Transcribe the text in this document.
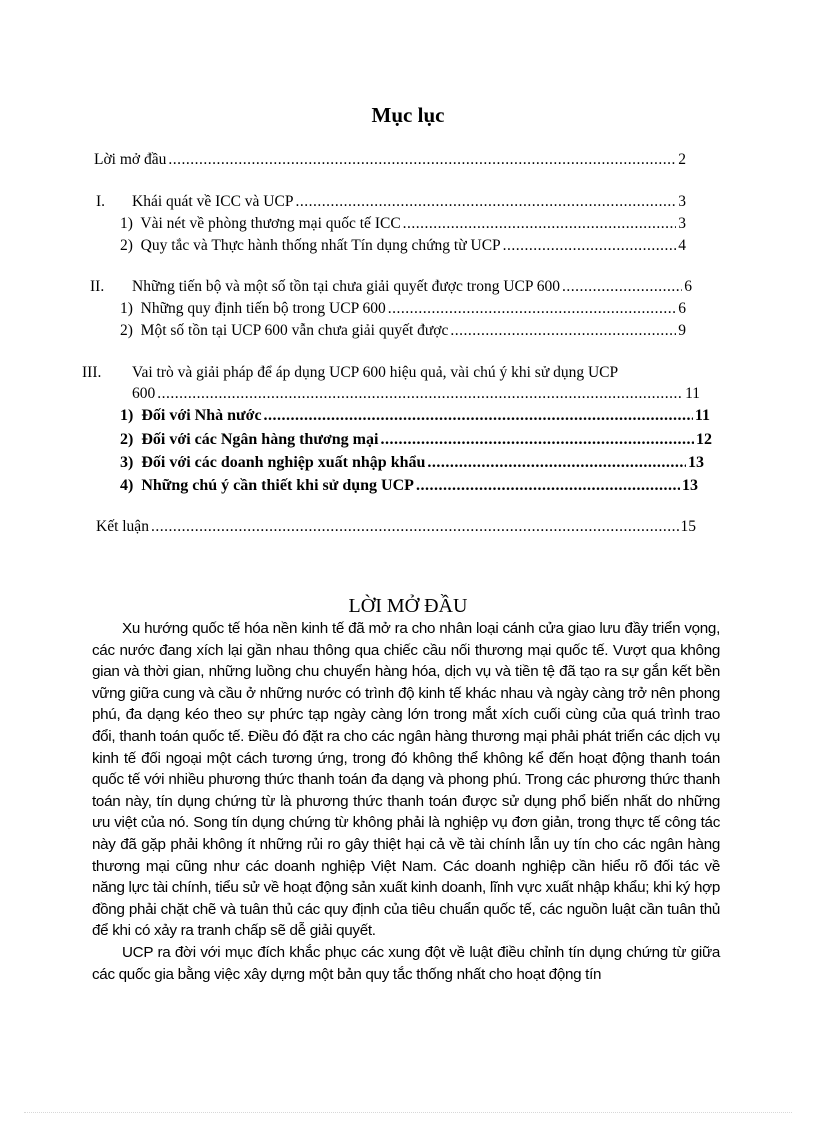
Mục lục
Lời mở đầu .....	2
I. Khái quát về ICC và UCP .....	3
1) Vài nét về phòng thương mại quốc tế ICC .....	3
2) Quy tắc và Thực hành thống nhất Tín dụng chứng từ UCP .....	4
II. Những tiến bộ và một số tồn tại chưa giải quyết được trong UCP 600 .....	6
1) Những quy định tiến bộ trong UCP 600 .....	6
2) Một số tồn tại UCP 600 vẫn chưa giải quyết được .....	9
III. Vai trò và giải pháp để áp dụng UCP 600 hiệu quả, vài chú ý khi sử dụng UCP
600 .....	11
1) Đối với Nhà nước .....	11
2) Đối với các Ngân hàng thương mại .....	12
3) Đối với các doanh nghiệp xuất nhập khẩu .....	13
4) Những chú ý cần thiết khi sử dụng UCP .....	13
Kết luận .....	15
LỜI MỞ ĐẦU

Xu hướng quốc tế hóa nền kinh tế đã mở ra cho nhân loại cánh cửa giao lưu đầy triển vọng, các nước đang xích lại gần nhau thông qua chiếc cầu nối thương mại quốc tế. Vượt qua không gian và thời gian, những luồng chu chuyển hàng hóa, dịch vụ và tiền tệ đã tạo ra sự gắn kết bền vững giữa cung và cầu ở những nước có trình độ kinh tế khác nhau và ngày càng trở nên phong phú, đa dạng kéo theo sự phức tạp ngày càng lớn trong mắt xích cuối cùng của quá trình trao đổi, thanh toán quốc tế. Điều đó đặt ra cho các ngân hàng thương mại phải phát triển các dịch vụ kinh tế đối ngoại một cách tương ứng, trong đó không thể không kể đến hoạt động thanh toán quốc tế với nhiều phương thức thanh toán đa dạng và phong phú. Trong các phương thức thanh toán này, tín dụng chứng từ là phương thức thanh toán được sử dụng phổ biến nhất do những ưu việt của nó. Song tín dụng chứng từ không phải là nghiệp vụ đơn giản, trong thực tế công tác này đã gặp phải không ít những rủi ro gây thiệt hại cả về tài chính lẫn uy tín cho các ngân hàng thương mại cũng như các doanh nghiệp Việt Nam. Các doanh nghiệp cần hiểu rõ đối tác về năng lực tài chính, tiểu sử về hoạt động sản xuất kinh doanh, lĩnh vực xuất nhập khẩu; khi ký hợp đồng phải chặt chẽ và tuân thủ các quy định của tiêu chuẩn quốc tế, các nguồn luật cần tuân thủ để khi có xảy ra tranh chấp sẽ dễ giải quyết.

UCP ra đời với mục đích khắc phục các xung đột về luật điều chỉnh tín dụng chứng từ giữa các quốc gia bằng việc xây dựng một bản quy tắc thống nhất cho hoạt động tín
